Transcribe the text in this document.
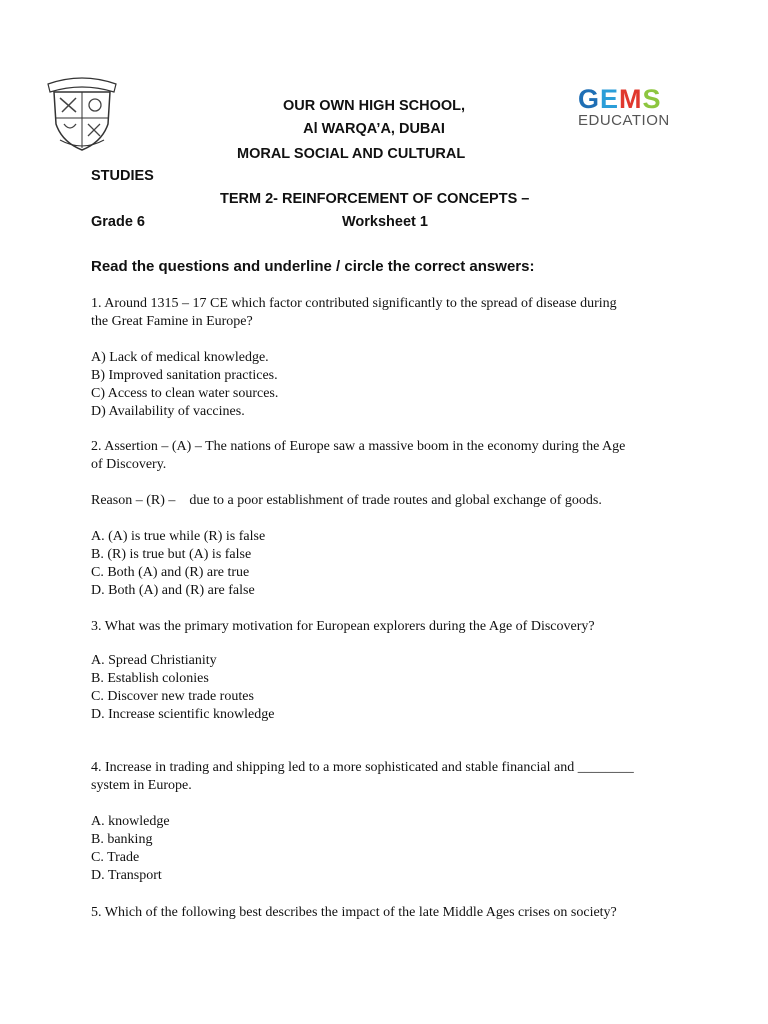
GEMS
EDUCATION
OUR OWN HIGH SCHOOL,
Al WARQA’A, DUBAI
MORAL SOCIAL AND CULTURAL
STUDIES
TERM 2- REINFORCEMENT OF CONCEPTS –
Grade 6	Worksheet 1
Read the questions and underline / circle the correct answers:
1. Around 1315 – 17 CE which factor contributed significantly to the spread of disease during
the Great Famine in Europe?
A) Lack of medical knowledge.
B) Improved sanitation practices.
C) Access to clean water sources.
D) Availability of vaccines.
2. Assertion – (A) – The nations of Europe saw a massive boom in the economy during the Age
of Discovery.
Reason – (R) –    due to a poor establishment of trade routes and global exchange of goods.
A. (A) is true while (R) is false
B. (R) is true but (A) is false
C. Both (A) and (R) are true
D. Both (A) and (R) are false
3. What was the primary motivation for European explorers during the Age of Discovery?
A. Spread Christianity
B. Establish colonies
C. Discover new trade routes
D. Increase scientific knowledge
4. Increase in trading and shipping led to a more sophisticated and stable financial and ________
system in Europe.
A. knowledge
B. banking
C. Trade
D. Transport
5. Which of the following best describes the impact of the late Middle Ages crises on society?
